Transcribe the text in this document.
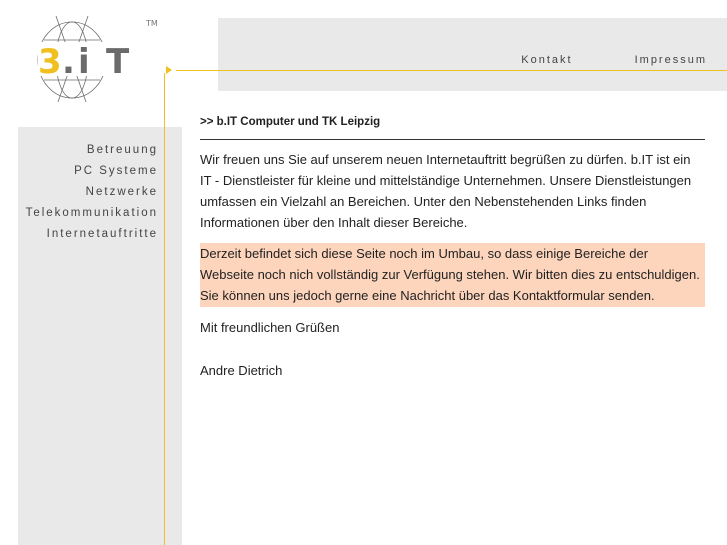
3 . i T
TM
Kontakt	Impressum
Betreuung
PC Systeme
Netzwerke
Telekommunikation
Internetauftritte
>> b.IT Computer und TK Leipzig

Wir freuen uns Sie auf unserem neuen Internetauftritt begrüßen zu dürfen. b.IT ist ein IT - Dienstleister für kleine und mittelständige Unternehmen. Unsere Dienstleistungen umfassen ein Vielzahl an Bereichen. Unter den Nebenstehenden Links finden Informationen über den Inhalt dieser Bereiche.

Derzeit befindet sich diese Seite noch im Umbau, so dass einige Bereiche der Webseite noch nich vollständig zur Verfügung stehen. Wir bitten dies zu entschuldigen. Sie können uns jedoch gerne eine Nachricht über das Kontaktformular senden.

Mit freundlichen Grüßen

Andre Dietrich
